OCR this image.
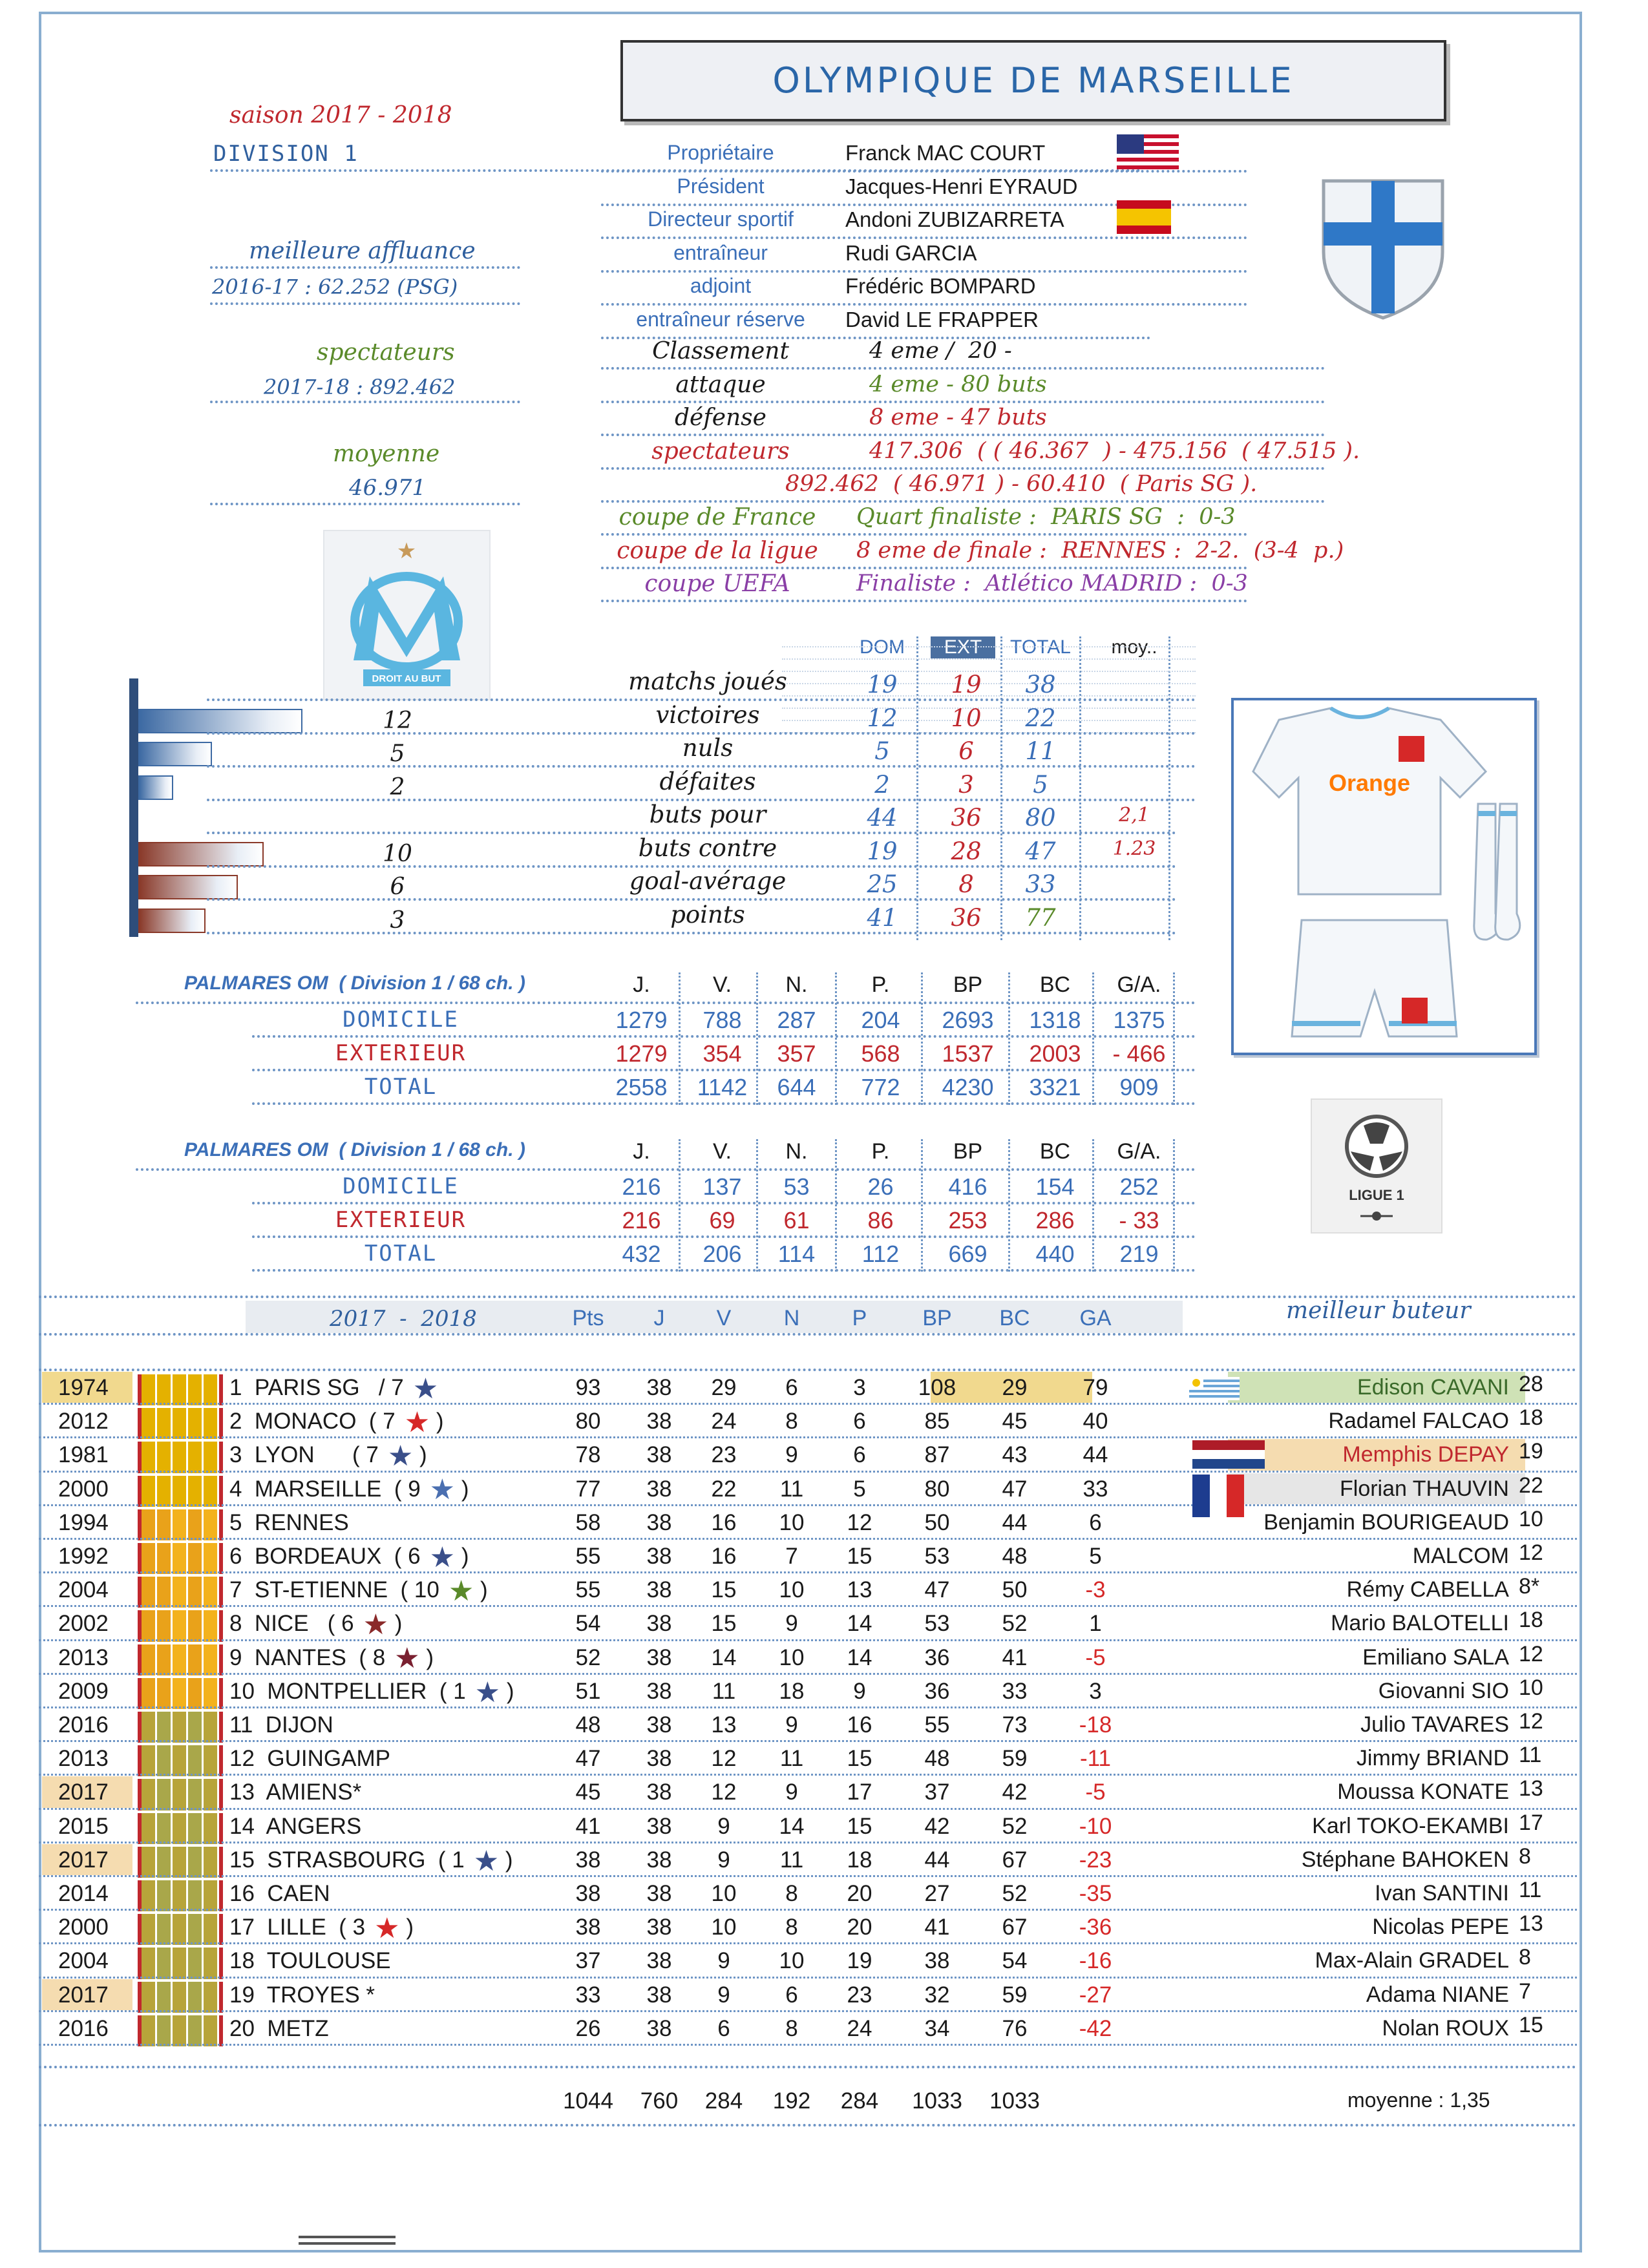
OLYMPIQUE DE MARSEILLE
saison 2017 - 2018
DIVISION 1
meilleure affluance
2016-17 : 62.252 (PSG)
spectateurs
2017-18 : 892.462
moyenne
46.971
★
DROIT AU BUT
Propriétaire	Franck MAC COURT
Président	Jacques-Henri EYRAUD
Directeur sportif	Andoni ZUBIZARRETA
entraîneur	Rudi GARCIA
adjoint	Frédéric BOMPARD
entraîneur réserve	David LE FRAPPER
Classement	4 eme /  20 -
attaque	4 eme - 80 buts
défense	8 eme - 47 buts
spectateurs	417.306  ( ( 46.367  ) - 475.156  ( 47.515 ).
892.462  ( 46.971 ) - 60.410  ( Paris SG ).
coupe de France	Quart finaliste :  PARIS SG  :  0-3
coupe de la ligue	8 eme de finale :  RENNES :  2-2.  (3-4  p.)
coupe UEFA	Finaliste :  Atlético MADRID :  0-3
DOM	EXT	TOTAL	moy..
matchs joués	19	19	38
12	victoires	12	10	22
5	nuls	5	6	11
2	défaites	2	3	5
buts pour	44	36	80	2,1
10	buts contre	19	28	47	1.23
6	goal-avérage	25	8	33
3	points	41	36	77
Orange
PALMARES OM  ( Division 1 / 68 ch. )	J.	V.	N.	P.	BP	BC	G/A.
DOMICILE	1279	788	287	204	2693	1318	1375
EXTERIEUR	1279	354	357	568	1537	2003	- 466
TOTAL	2558	1142	644	772	4230	3321	909
PALMARES OM  ( Division 1 / 68 ch. )	J.	V.	N.	P.	BP	BC	G/A.
DOMICILE	216	137	53	26	416	154	252
EXTERIEUR	216	69	61	86	253	286	- 33
TOTAL	432	206	114	112	669	440	219
LIGUE 1
2017  -  2018	Pts	J	V	N	P	BP	BC	GA	meilleur buteur
1974	1  PARIS SG   / 7 ★	93	38	29	6	3	108	29	79	Edison CAVANI 28
2012	2  MONACO  ( 7 ★ )	80	38	24	8	6	85	45	40	Radamel FALCAO 18
1981	3  LYON      ( 7 ★ )	78	38	23	9	6	87	43	44	Memphis DEPAY 19
2000	4  MARSEILLE  ( 9 ★ )	77	38	22	11	5	80	47	33	Florian THAUVIN 22
1994	5  RENNES	58	38	16	10	12	50	44	6	Benjamin BOURIGEAUD 10
1992	6  BORDEAUX  ( 6 ★ )	55	38	16	7	15	53	48	5	MALCOM 12
2004	7  ST-ETIENNE  ( 10 ★ )	55	38	15	10	13	47	50	-3	Rémy CABELLA 8*
2002	8  NICE   ( 6 ★ )	54	38	15	9	14	53	52	1	Mario BALOTELLI 18
2013	9  NANTES  ( 8 ★ )	52	38	14	10	14	36	41	-5	Emiliano SALA 12
2009	10  MONTPELLIER  ( 1 ★ )	51	38	11	18	9	36	33	3	Giovanni SIO 10
2016	11  DIJON	48	38	13	9	16	55	73	-18	Julio TAVARES 12
2013	12  GUINGAMP	47	38	12	11	15	48	59	-11	Jimmy BRIAND 11
2017	13  AMIENS*	45	38	12	9	17	37	42	-5	Moussa KONATE 13
2015	14  ANGERS	41	38	9	14	15	42	52	-10	Karl TOKO-EKAMBI 17
2017	15  STRASBOURG  ( 1 ★ )	38	38	9	11	18	44	67	-23	Stéphane BAHOKEN 8
2014	16  CAEN	38	38	10	8	20	27	52	-35	Ivan SANTINI 11
2000	17  LILLE  ( 3 ★ )	38	38	10	8	20	41	67	-36	Nicolas PEPE 13
2004	18  TOULOUSE	37	38	9	10	19	38	54	-16	Max-Alain GRADEL 8
2017	19  TROYES *	33	38	9	6	23	32	59	-27	Adama NIANE 7
2016	20  METZ	26	38	6	8	24	34	76	-42	Nolan ROUX 15
1044	760	284	192	284	1033	1033	moyenne : 1,35
